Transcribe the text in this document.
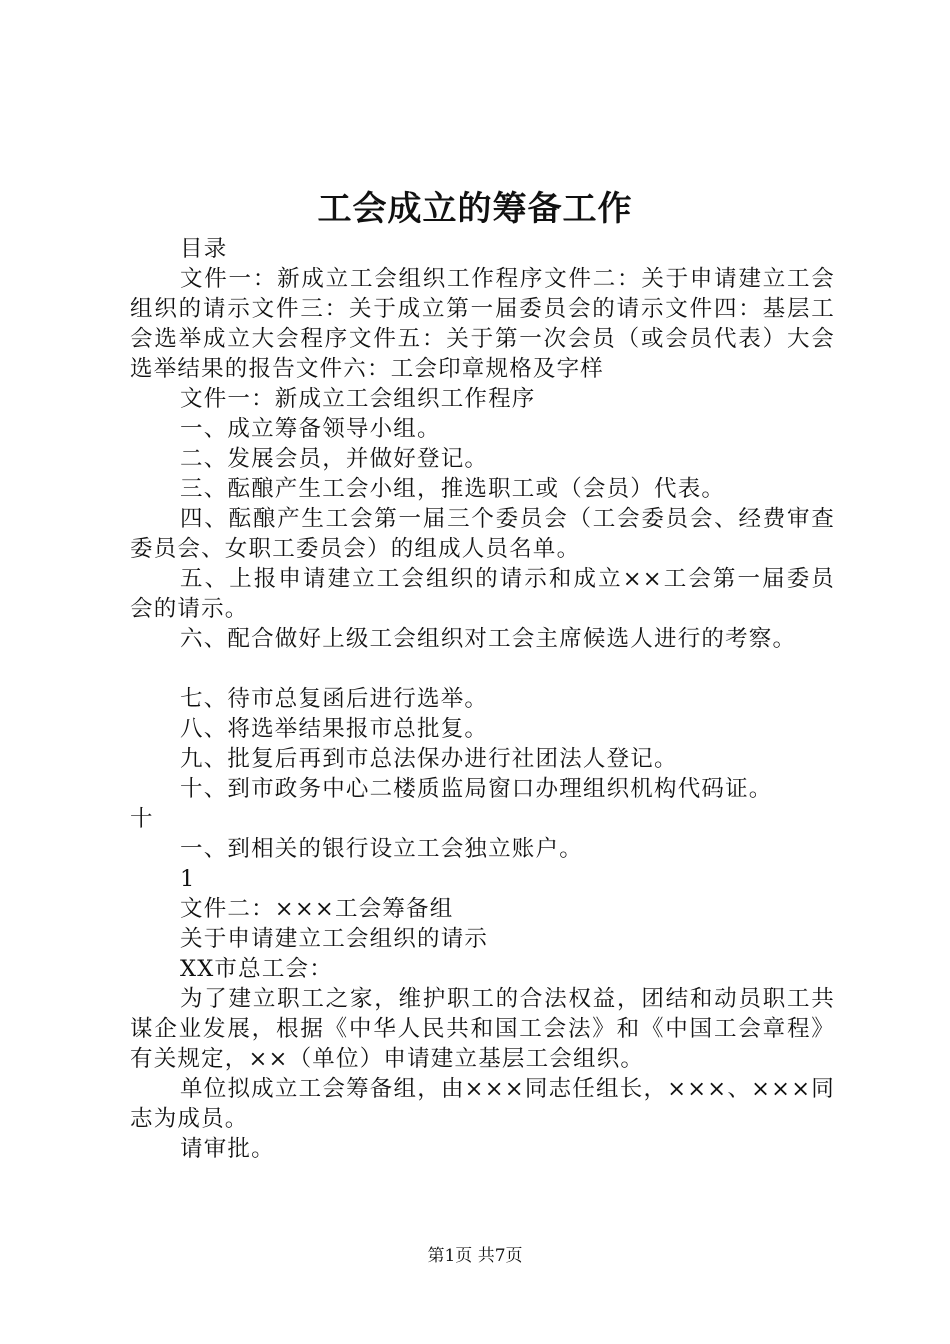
工会成立的筹备工作

目录

文件一：新成立工会组织工作程序文件二：关于申请建立工会组织的请示文件三：关于成立第一届委员会的请示文件四：基层工会选举成立大会程序文件五：关于第一次会员（或会员代表）大会选举结果的报告文件六：工会印章规格及字样

文件一：新成立工会组织工作程序

一、成立筹备领导小组。

二、发展会员，并做好登记。

三、酝酿产生工会小组，推选职工或（会员）代表。

四、酝酿产生工会第一届三个委员会（工会委员会、经费审查委员会、女职工委员会）的组成人员名单。

五、上报申请建立工会组织的请示和成立××工会第一届委员会的请示。

六、配合做好上级工会组织对工会主席候选人进行的考察。

七、待市总复函后进行选举。

八、将选举结果报市总批复。

九、批复后再到市总法保办进行社团法人登记。

十、到市政务中心二楼质监局窗口办理组织机构代码证。

十

一、到相关的银行设立工会独立账户。

1

文件二：×××工会筹备组

关于申请建立工会组织的请示

XX市总工会：

为了建立职工之家，维护职工的合法权益，团结和动员职工共谋企业发展，根据《中华人民共和国工会法》和《中国工会章程》有关规定，××（单位）申请建立基层工会组织。

单位拟成立工会筹备组，由×××同志任组长，×××、×××同志为成员。

请审批。

第1页 共7页
